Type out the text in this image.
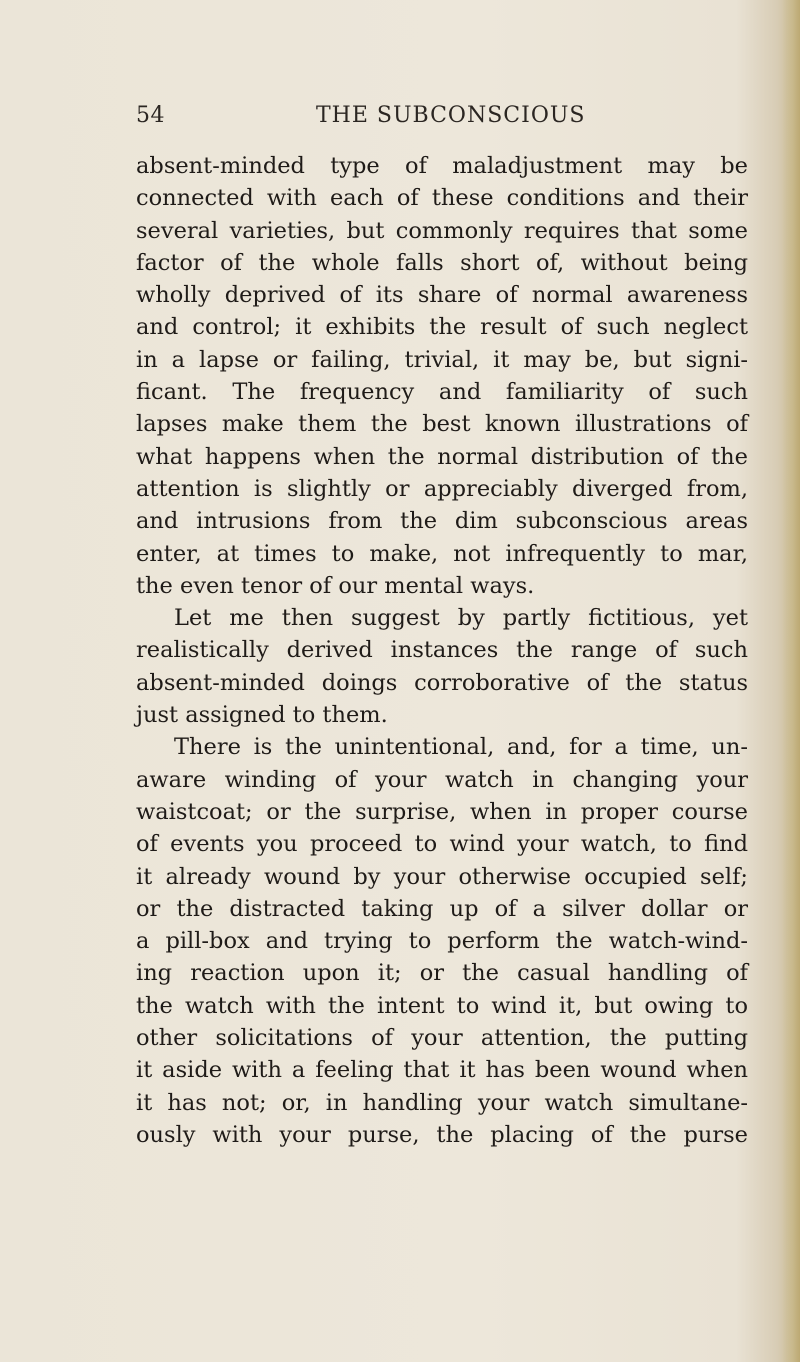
54	THE SUBCONSCIOUS
absent-minded type of maladjustment may be
connected with each of these conditions and their
several varieties, but commonly requires that some
factor of the whole falls short of, without being
wholly deprived of its share of normal awareness
and control; it exhibits the result of such neglect
in a lapse or failing, trivial, it may be, but signi-
ficant. The frequency and familiarity of such
lapses make them the best known illustrations of
what happens when the normal distribution of the
attention is slightly or appreciably diverged from,
and intrusions from the dim subconscious areas
enter, at times to make, not infrequently to mar,
the even tenor of our mental ways.
Let me then suggest by partly fictitious, yet
realistically derived instances the range of such
absent-minded doings corroborative of the status
just assigned to them.
There is the unintentional, and, for a time, un-
aware winding of your watch in changing your
waistcoat; or the surprise, when in proper course
of events you proceed to wind your watch, to find
it already wound by your otherwise occupied self;
or the distracted taking up of a silver dollar or
a pill-box and trying to perform the watch-wind-
ing reaction upon it; or the casual handling of
the watch with the intent to wind it, but owing to
other solicitations of your attention, the putting
it aside with a feeling that it has been wound when
it has not; or, in handling your watch simultane-
ously with your purse, the placing of the purse
